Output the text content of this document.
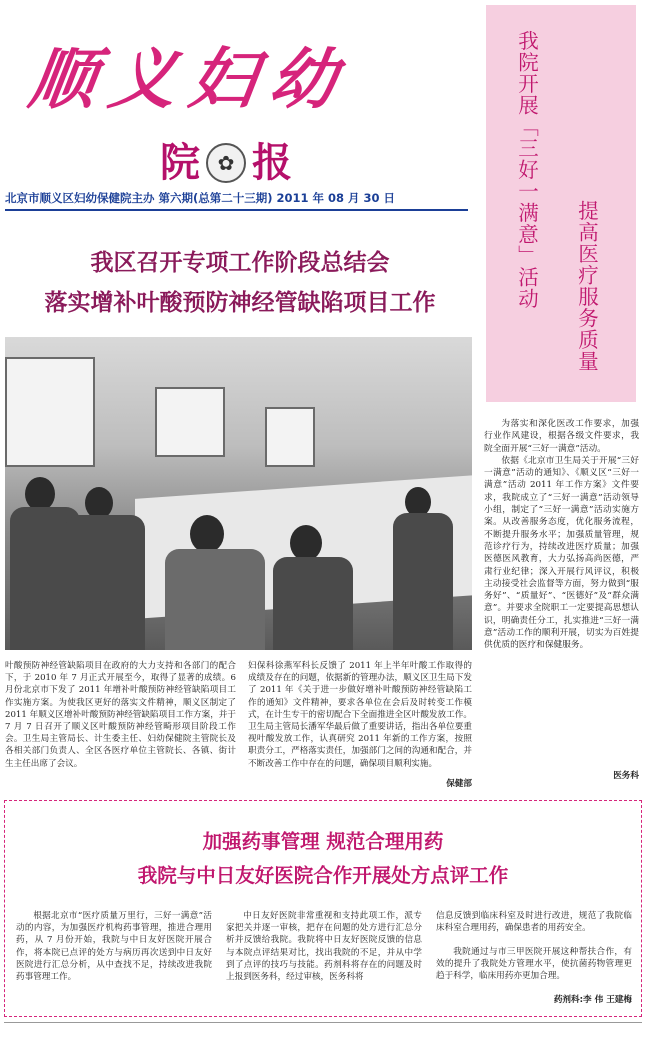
顺义妇幼
院 ✿ 报
北京市顺义区妇幼保健院主办 第六期(总第二十三期) 2011 年 08 月 30 日
我区召开专项工作阶段总结会
落实增补叶酸预防神经管缺陷项目工作
叶酸预防神经管缺陷项目在政府的大力支持和各部门的配合下，于 2010 年 7 月正式开展至今，取得了显著的成绩。6 月份北京市下发了 2011 年增补叶酸预防神经管缺陷项目工作实施方案。为使我区更好的落实文件精神，顺义区制定了 2011 年顺义区增补叶酸预防神经管缺陷项目工作方案，并于 7 月 7 日召开了顺义区叶酸预防神经管畸形项目阶段工作会。卫生局主管局长、计生委主任、妇幼保健院主管院长及各相关部门负责人、全区各医疗单位主管院长、各镇、街计生主任出席了会议。
妇保科徐燕军科长反馈了 2011 年上半年叶酸工作取得的成绩及存在的问题，依据新的管理办法，顺义区卫生局下发了 2011 年《关于进一步做好增补叶酸预防神经管缺陷工作的通知》文件精神，要求各单位在会后及时转变工作模式，在计生专干的密切配合下全面推进全区叶酸发放工作。卫生局主管局长潘军华最后做了重要讲话，指出各单位要重视叶酸发放工作，认真研究 2011 年新的工作方案，按照职责分工，严格落实责任，加强部门之间的沟通和配合，并不断改善工作中存在的问题，确保项目顺利实施。
保健部
我院开展「三好一满意」活动 提高医疗服务质量

为落实和深化医改工作要求，加强行业作风建设，根据各级文件要求，我院全面开展“三好一满意”活动。

依据《北京市卫生局关于开展“三好一满意”活动的通知》、《顺义区“三好一满意”活动 2011 年工作方案》文件要求，我院成立了“三好一满意”活动领导小组，制定了“三好一满意”活动实施方案。从改善服务态度，优化服务流程，不断提升服务水平；加强质量管理，规范诊疗行为，持续改进医疗质量；加强医德医风教育，大力弘扬高尚医德，严肃行业纪律；深入开展行风评议，积极主动接受社会监督等方面，努力做到“服务好”、“质量好”、“医德好”及“群众满意”。并要求全院职工一定要提高思想认识，明确责任分工，扎实推进“三好一满意”活动工作的顺利开展，切实为百姓提供优质的医疗和保健服务。

医务科
加强药事管理 规范合理用药
我院与中日友好医院合作开展处方点评工作
根据北京市“医疗质量万里行，三好一满意”活动的内容，为加强医疗机构药事管理，推进合理用药，从 7 月份开始，我院与中日友好医院开展合作，将本院已点评的处方与病历再次送到中日友好医院进行汇总分析，从中查找不足，持续改进我院药事管理工作。
中日友好医院非常重视和支持此项工作，派专家把关并逐一审核，把存在问题的处方进行汇总分析并反馈给我院。我院将中日友好医院反馈的信息与本院点评结果对比，找出我院的不足，并从中学到了点评的技巧与技能。药剂科将存在的问题及时上报到医务科，经过审核，医务科将
信息反馈到临床科室及时进行改进，规范了我院临床科室合理用药，确保患者的用药安全。
我院通过与市三甲医院开展这种帮扶合作，有效的提升了我院处方管理水平，使抗菌药物管理更趋于科学，临床用药亦更加合理。
药剂科:李 伟 王建梅
